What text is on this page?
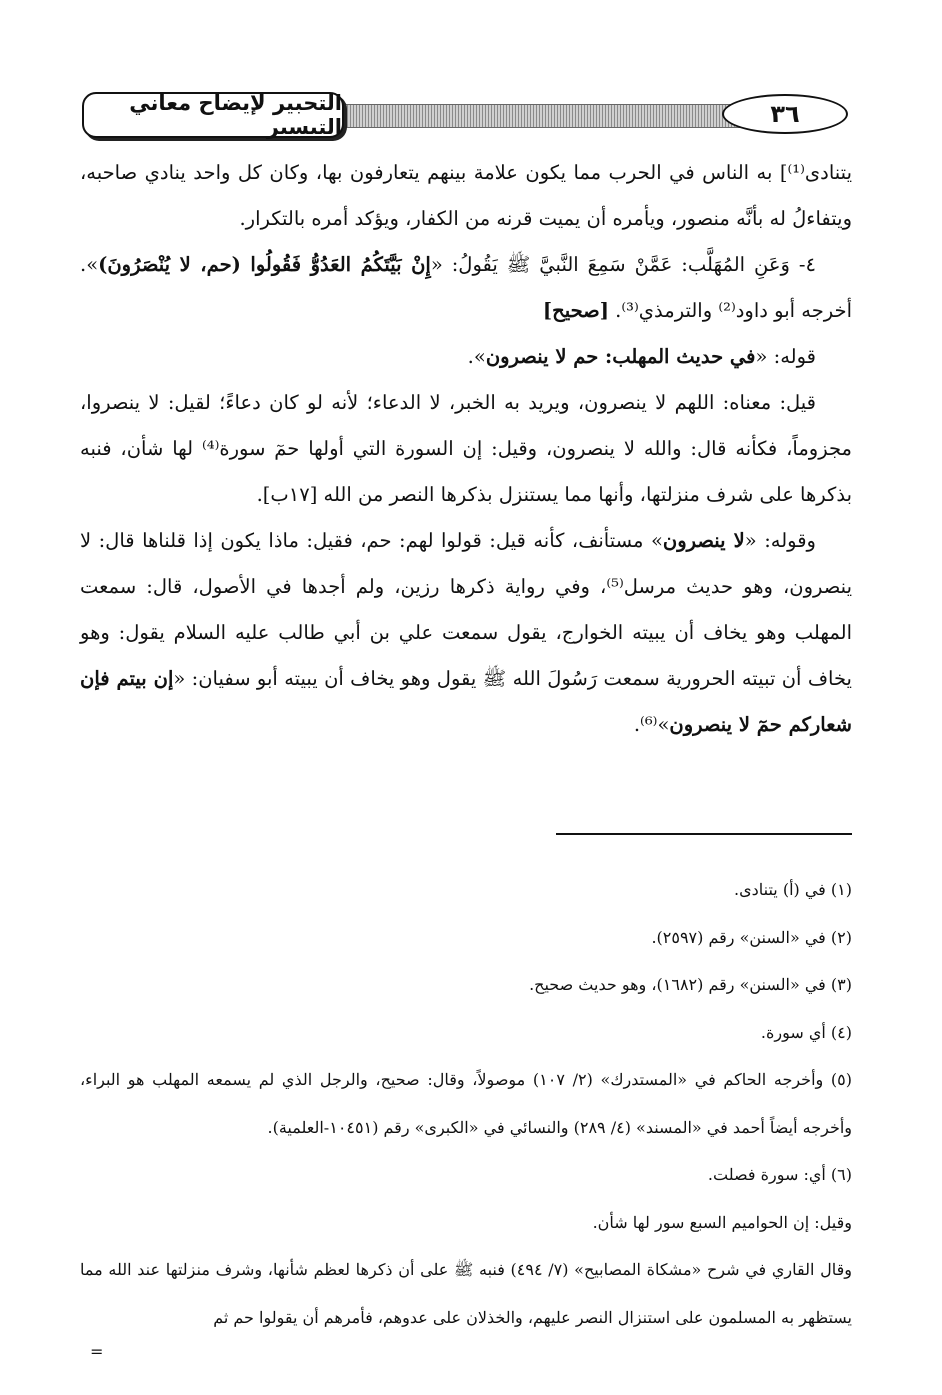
التحبير لإيضاح معاني التيسير	٣٦

يتنادى⁽¹⁾] به الناس في الحرب مما يكون علامة بينهم يتعارفون بها، وكان كل واحد ينادي صاحبه، ويتفاءلُ له بأنَّه منصور، ويأمره أن يميت قرنه من الكفار، ويؤكد أمره بالتكرار.

٤- وَعَنِ المُهَلَّب: عَمَّنْ سَمِعَ النَّبيَّ ﷺ يَقُولُ: «إِنْ بَيَّتَكُمُ العَدُوُّ فَقُولُوا (حم، لا يُنْصَرُونَ)». أخرجه أبو داود⁽²⁾ والترمذي⁽³⁾. [صحيح]

قوله: «في حديث المهلب: حم لا ينصرون».

قيل: معناه: اللهم لا ينصرون، ويريد به الخبر، لا الدعاء؛ لأنه لو كان دعاءً؛ لقيل: لا ينصروا، مجزوماً، فكأنه قال: والله لا ينصرون، وقيل: إن السورة التي أولها حمٓ سورة⁽⁴⁾ لها شأن، فنبه بذكرها على شرف منزلتها، وأنها مما يستنزل بذكرها النصر من الله [١٧ب].

وقوله: «لا ينصرون» مستأنف، كأنه قيل: قولوا لهم: حم، فقيل: ماذا يكون إذا قلناها قال: لا ينصرون، وهو حديث مرسل⁽⁵⁾، وفي رواية ذكرها رزين، ولم أجدها في الأصول، قال: سمعت المهلب وهو يخاف أن يبيته الخوارج، يقول سمعت علي بن أبي طالب عليه السلام يقول: وهو يخاف أن تبيته الحرورية سمعت رَسُولَ الله ﷺ يقول وهو يخاف أن يبيته أبو سفيان: «إن بيتم فإن شعاركم حمٓ لا ينصرون»⁽⁶⁾.

(١) في (أ) يتنادى.

(٢) في «السنن» رقم (٢٥٩٧).

(٣) في «السنن» رقم (١٦٨٢)، وهو حديث صحيح.

(٤) أي سورة.

(٥) وأخرجه الحاكم في «المستدرك» (٢/ ١٠٧) موصولاً، وقال: صحيح، والرجل الذي لم يسمعه المهلب هو البراء، وأخرجه أيضاً أحمد في «المسند» (٤/ ٢٨٩) والنسائي في «الكبرى» رقم (١٠٤٥١-العلمية).

(٦) أي: سورة فصلت.

وقيل: إن الحواميم السبع سور لها شأن.

وقال القاري في شرح «مشكاة المصابيح» (٧/ ٤٩٤) فنبه ﷺ على أن ذكرها لعظم شأنها، وشرف منزلتها عند الله مما يستظهر به المسلمون على استنزال النصر عليهم، والخذلان على عدوهم، فأمرهم أن يقولوا حم ثم

=
